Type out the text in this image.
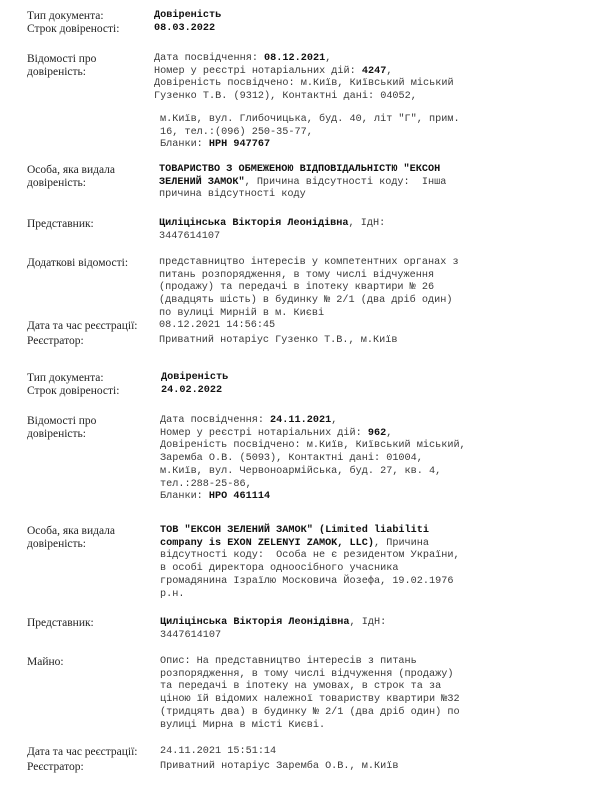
Тип документа:	Довіреність
Строк довіреності:	08.03.2022
Відомості про
довіреність:
Дата посвідчення: 08.12.2021,
Номер у реєстрі нотаріальних дій: 4247,
Довіреність посвідчено: м.Київ, Київський міський
Гузенко Т.В. (9312), Контактні дані: 04052,
м.Київ, вул. Глибочицька, буд. 40, літ "Г", прим.
16, тел.:(096) 250-35-77,
Бланки: НРН 947767
Особа, яка видала
довіреність:
ТОВАРИСТВО З ОБМЕЖЕНОЮ ВІДПОВІДАЛЬНІСТЮ "ЕКСОН
ЗЕЛЕНИЙ ЗАМОК", Причина відсутності коду:  Інша
причина відсутності коду
Представник:	Циліцінська Вікторія Леонідівна, ІдН:
3447614107
Додаткові відомості:	представництво інтересів у компетентних органах з
питань розпорядження, в тому числі відчуження
(продажу) та передачі в іпотеку квартири № 26
(двадцять шість) в будинку № 2/1 (два дріб один)
по вулиці Мирній в м. Києві
Дата та час реєстрації: 08.12.2021 14:56:45
Реєстратор:	Приватний нотаріус Гузенко Т.В., м.Київ
Тип документа:	Довіреність
Строк довіреності:	24.02.2022
Відомості про
довіреність:
Дата посвідчення: 24.11.2021,
Номер у реєстрі нотаріальних дій: 962,
Довіреність посвідчено: м.Київ, Київський міський,
Заремба О.В. (5093), Контактні дані: 01004,
м.Київ, вул. Червоноармійська, буд. 27, кв. 4,
тел.:288-25-86,
Бланки: НРО 461114
Особа, яка видала
довіреність:
ТОВ "ЕКСОН ЗЕЛЕНИЙ ЗАМОК" (Limited liabiliti
company is EXON ZELENYI ZAMOK, LLC), Причина
відсутності коду:  Особа не є резидентом України,
в особі директора одноосібного учасника
громадянина Ізраїлю Московича Йозефа, 19.02.1976
р.н.
Представник:	Циліцінська Вікторія Леонідівна, ІдН:
3447614107
Майно:	Опис: На представництво інтересів з питань
розпорядження, в тому числі відчуження (продажу)
та передачі в іпотеку на умовах, в строк та за
ціною їй відомих належної товариству квартири №32
(тридцять два) в будинку № 2/1 (два дріб один) по
вулиці Мирна в місті Києві.
Дата та час реєстрації: 24.11.2021 15:51:14
Реєстратор:	Приватний нотаріус Заремба О.В., м.Київ
